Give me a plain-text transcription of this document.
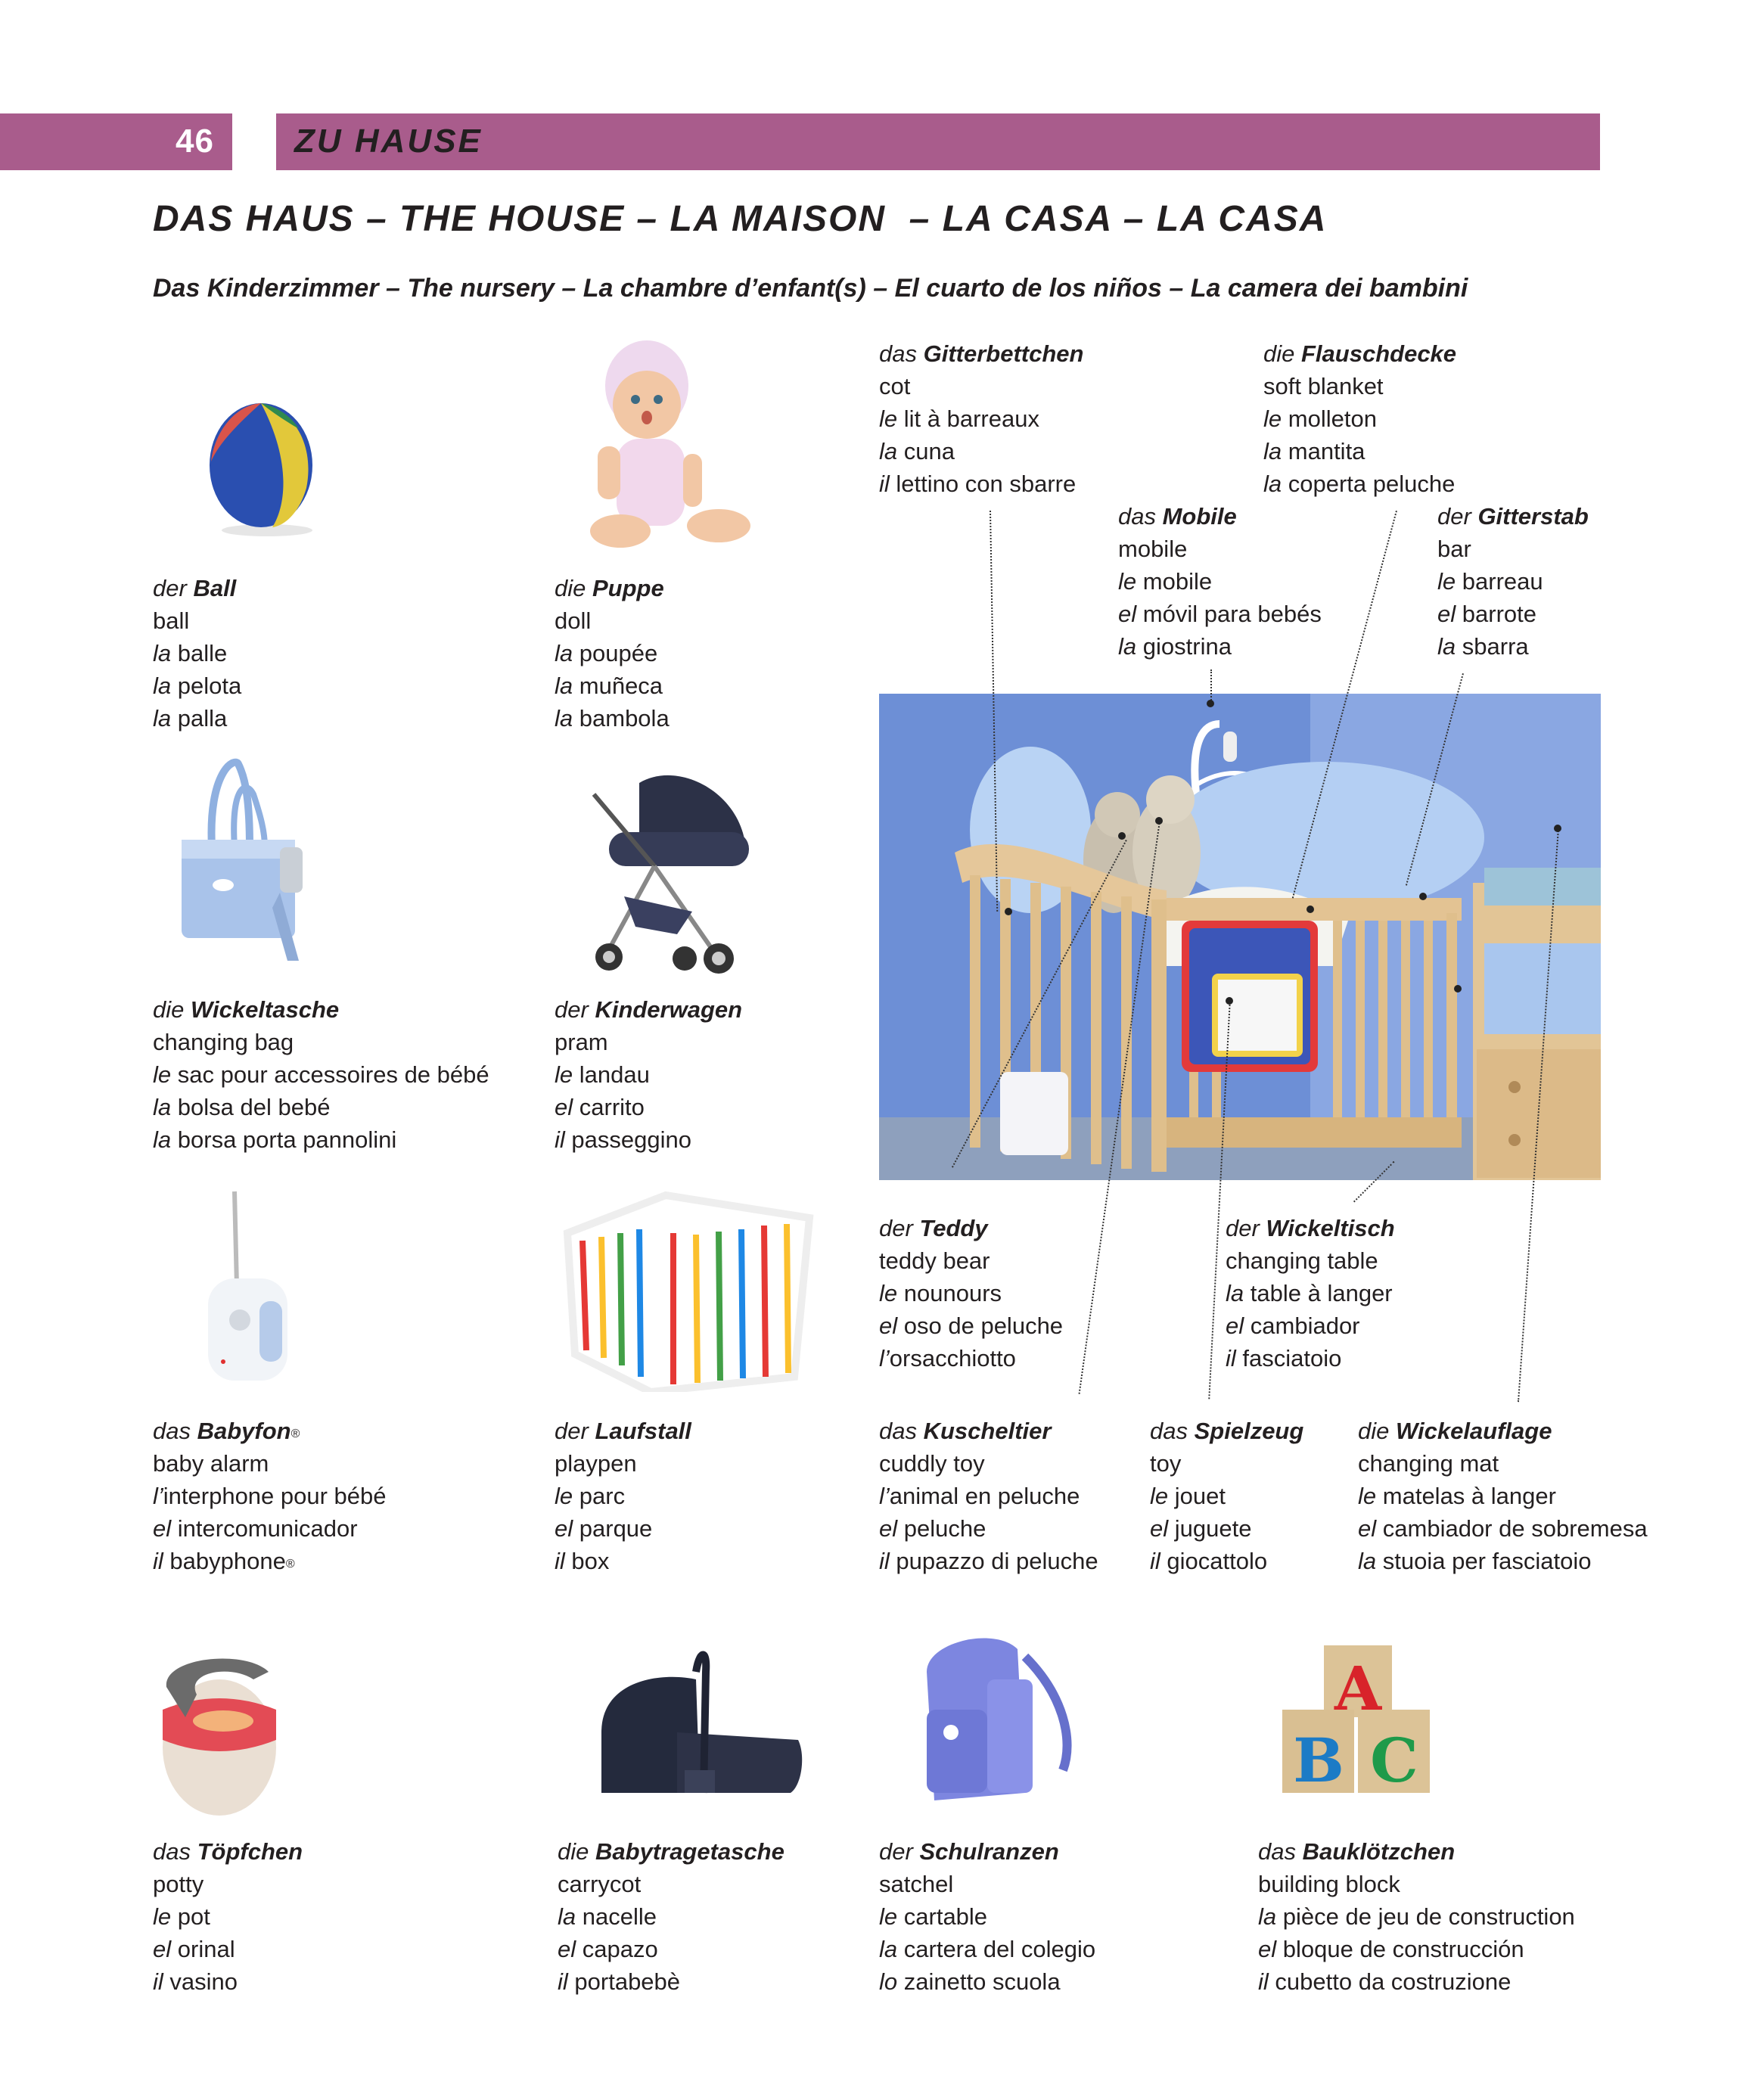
46 ZU HAUSE
DAS HAUS – THE HOUSE – LA MAISON  – LA CASA – LA CASA
Das Kinderzimmer – The nursery – La chambre d’enfant(s) – El cuarto de los niños – La camera dei bambini
A
B C
der Ball
ball
la balle
la pelota
la palla
die Puppe
doll
la poupée
la muñeca
la bambola
das Gitterbettchen
cot
le lit à barreaux
la cuna
il lettino con sbarre
die Flauschdecke
soft blanket
le molleton
la mantita
la coperta peluche
das Mobile
mobile
le mobile
el móvil para bebés
la giostrina
der Gitterstab
bar
le barreau
el barrote
la sbarra
die Wickeltasche
changing bag
le sac pour accessoires de bébé
la bolsa del bebé
la borsa porta pannolini
der Kinderwagen
pram
le landau
el carrito
il passeggino
der Teddy
teddy bear
le nounours
el oso de peluche
l’orsacchiotto
der Wickeltisch
changing table
la table à langer
el cambiador
il fasciatoio
das Babyfon®
baby alarm
l’interphone pour bébé
el intercomunicador
il babyphone®
der Laufstall
playpen
le parc
el parque
il box
das Kuscheltier
cuddly toy
l’animal en peluche
el peluche
il pupazzo di peluche
das Spielzeug
toy
le jouet
el juguete
il giocattolo
die Wickelauflage
changing mat
le matelas à langer
el cambiador de sobremesa
la stuoia per fasciatoio
das Töpfchen
potty
le pot
el orinal
il vasino
die Babytragetasche
carrycot
la nacelle
el capazo
il portabebè
der Schulranzen
satchel
le cartable
la cartera del colegio
lo zainetto scuola
das Bauklötzchen
building block
la pièce de jeu de construction
el bloque de construcción
il cubetto da costruzione
